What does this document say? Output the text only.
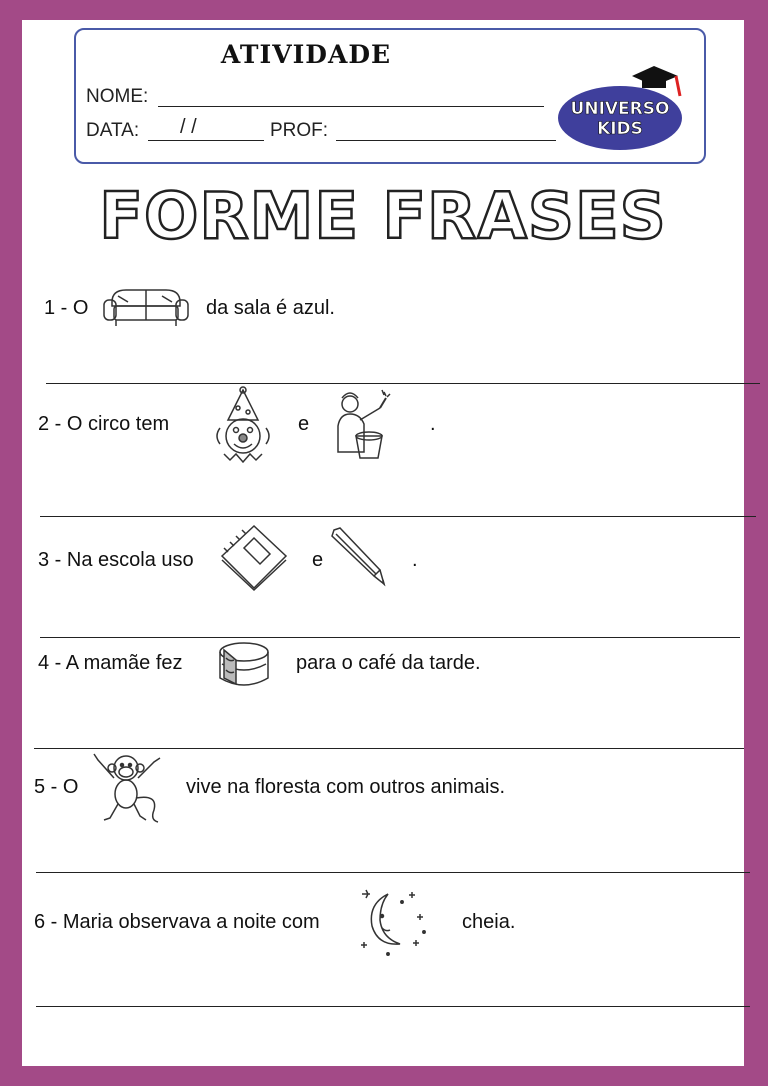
ATIVIDADE
NOME:
DATA: / /	PROF:
UNIVERSO
KIDS
FORME FRASES
1 - O	da sala é azul.
2 - O circo tem	e	.
3 - Na escola uso	e	.
4 - A mamãe fez	para o café da tarde.
5 - O	vive na floresta com outros animais.
6 - Maria observava a noite com	cheia.
